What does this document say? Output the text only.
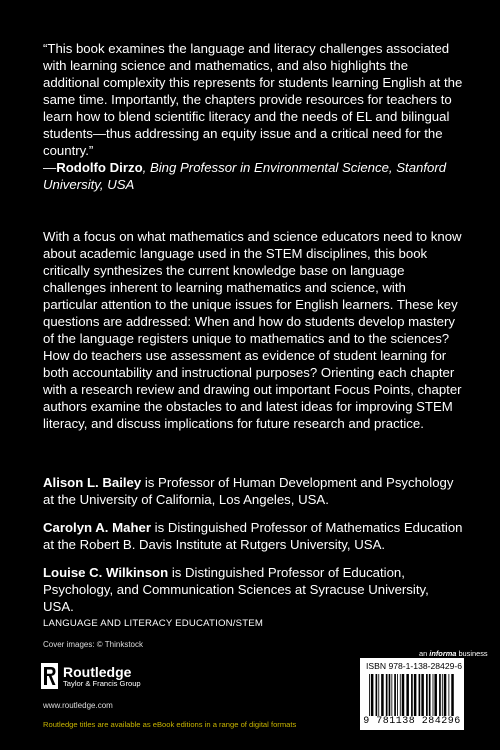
“This book examines the language and literacy challenges associated with learning science and mathematics, and also highlights the additional complexity this represents for students learning English at the same time. Importantly, the chapters provide resources for teachers to learn how to blend scientific literacy and the needs of EL and bilingual students—thus addressing an equity issue and a critical need for the country.”
—Rodolfo Dirzo, Bing Professor in Environmental Science, Stanford University, USA
With a focus on what mathematics and science educators need to know about academic language used in the STEM disciplines, this book critically synthesizes the current knowledge base on language challenges inherent to learning mathematics and science, with particular attention to the unique issues for English learners. These key questions are addressed: When and how do students develop mastery of the language registers unique to mathematics and to the sciences? How do teachers use assessment as evidence of student learning for both accountability and instructional purposes? Orienting each chapter with a research review and drawing out important Focus Points, chapter authors examine the obstacles to and latest ideas for improving STEM literacy, and discuss implications for future research and practice.

Alison L. Bailey is Professor of Human Development and Psychology at the University of California, Los Angeles, USA.

Carolyn A. Maher is Distinguished Professor of Mathematics Education at the Robert B. Davis Institute at Rutgers University, USA.

Louise C. Wilkinson is Distinguished Professor of Education, Psychology, and Communication Sciences at Syracuse University, USA.

LANGUAGE AND LITERACY EDUCATION/STEM
Cover images: © Thinkstock
Routledge
Taylor & Francis Group
www.routledge.com
Routledge titles are available as eBook editions in a range of digital formats
an informa business
ISBN 978-1-138-28429-6
9 781138 284296
